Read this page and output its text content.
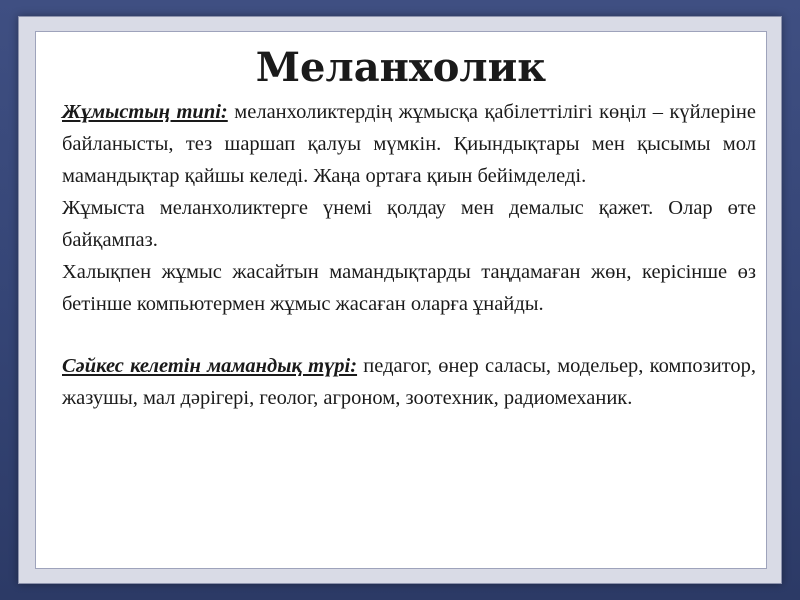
Меланхолик

Жұмыстың типі: меланхоликтердің жұмысқа қабілеттілігі көңіл – күйлеріне байланысты, тез шаршап қалуы мүмкін. Қиындықтары мен қысымы мол мамандықтар қайшы келеді. Жаңа ортаға қиын бейімделеді.

Жұмыста меланхоликтерге үнемі қолдау мен демалыс қажет. Олар өте байқампаз.

Халықпен жұмыс жасайтын мамандықтарды таңдамаған жөн, керісінше өз бетінше компьютермен жұмыс жасаған оларға ұнайды.

Сәйкес келетін мамандық түрі: педагог, өнер саласы, модельер, композитор, жазушы, мал дәрігері, геолог, агроном, зоотехник, радиомеханик.
